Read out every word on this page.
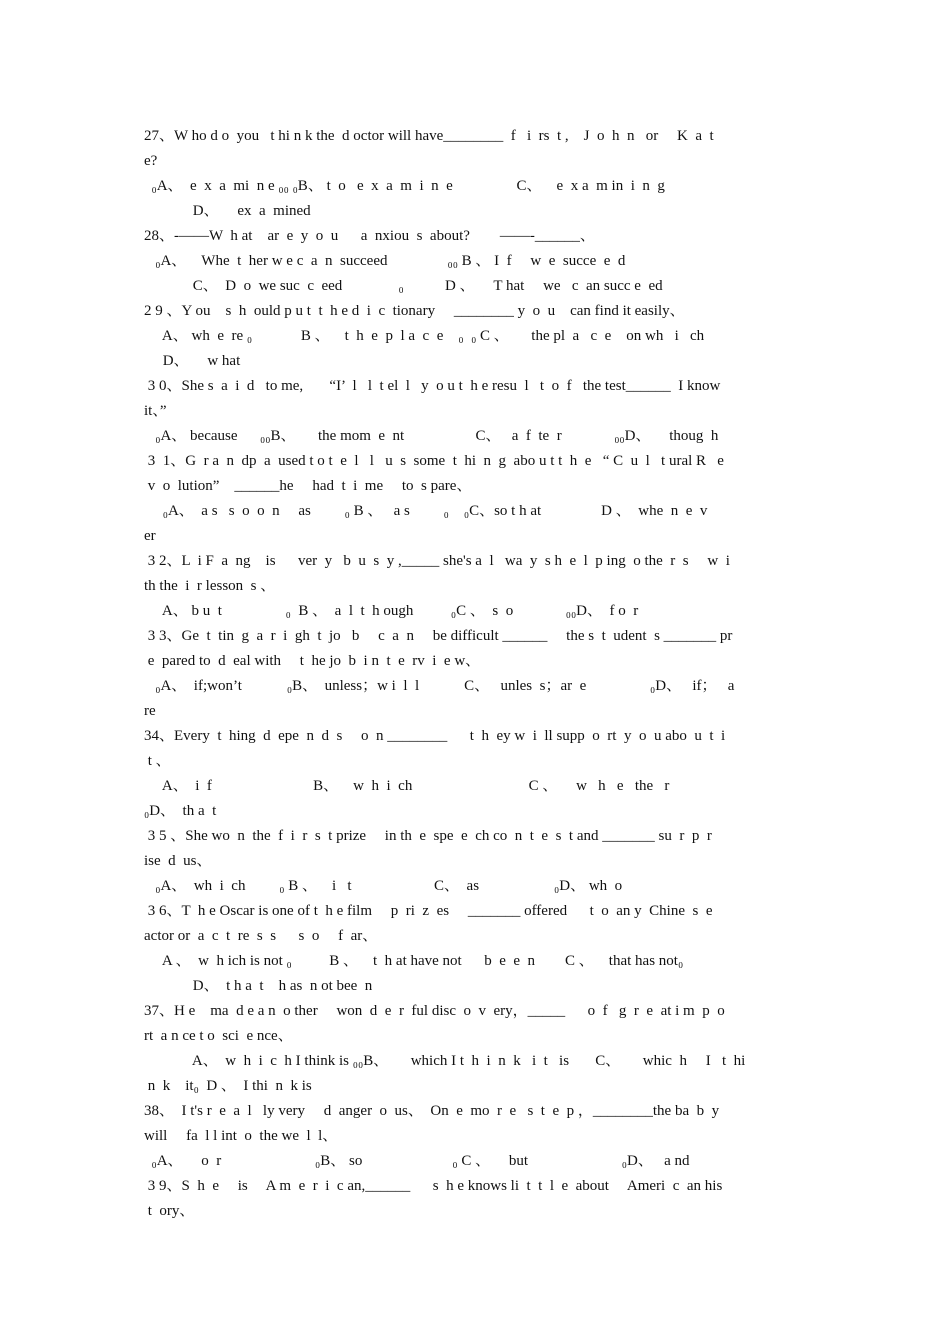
27、W ho d o  you   t hi n k the  d octor will have________  f   i  rs  t ,    J  o  h  n   or     K  a  t
e?
₀A、  e  x  a  mi  n e ₀₀ ₀B、 t  o   e  x  a  m  i  n  e                 C、    e  x a  m in  i  n  g
D、     ex  a  mined
28、-——W  h at    ar  e  y  o  u      a  nxiou  s  about?        ——-______、
₀A、    Whe  t  her w e c  a  n  succeed                ₀₀ B 、 I  f     w  e  succe  e  d
C、  D  o  we suc  c  eed               ₀           D 、     T hat     we   c  an succ e  ed
2 9 、Y ou    s  h  ould p u t  t  h e d  i  c  tionary     ________ y  o  u    can find it easily、
A、 wh  e  re ₀             B 、    t  h  e  p  l a  c  e    ₀  ₀ C 、      the pl  a   c  e    on wh   i   ch
D、     w hat
3 0、She s  a  i  d   to me,       “I’  l   l  t el  l   y  o u t  h e resu  l   t  o  f   the test______  I know
it、”
₀A、 because      ₀₀B、      the mom  e  nt                   C、   a  f  te  r              ₀₀D、     thoug  h
3  1、G  r a  n  dp  a  used t o t  e  l   l   u  s  some  t  hi  n  g  abo u t t  h  e   “ C  u  l   t ural R   e
v  o  lution”    ______he     had  t  i  me     to  s pare、
₀A、  a s   s  o  o  n     as         ₀ B 、   a s         ₀    ₀C、so t h at                D 、  whe  n  e  v
er
3 2、L  i F  a  ng    is      ver  y   b  u  s  y ,_____ she's a  l   wa  y  s h  e  l  p ing  o the  r  s     w  i
th the  i  r lesson  s 、
A、 b u  t                 ₀  B 、  a  l  t  h ough          ₀C 、  s  o              ₀₀D、  f o  r
3 3、Ge  t  tin  g  a  r  i  gh  t  jo   b     c  a  n     be difficult ______     the s  t  udent  s _______ pr
e  pared to  d  eal with     t  he jo  b  i n  t  e  rv  i  e w、
₀A、  if;won’t            ₀B、  unless；w i  l  l            C、   unles  s；ar  e                 ₀D、   if；   a
re
34、Every  t  hing  d  epe  n  d  s     o  n ________      t  h  ey w  i  ll supp  o  rt  y  o  u abo  u  t  i
t 、
A、  i  f                           B、    w  h  i  ch                               C 、     w   h   e   the   r
₀D、  th a  t
3 5 、She wo  n  the  f  i  r  s  t prize     in th  e  spe  e  ch co  n  t  e  s  t and _______ su  r  p  r
ise  d  us、
₀A、  wh  i  ch         ₀ B 、    i   t                      C、  as                    ₀D、 wh  o
3 6、T  h e Oscar is one of t  h e film     p  ri  z  es     _______ offered      t  o  an y  Chine  s  e
actor or  a  c  t  re  s  s      s  o     f  ar、
A 、  w  h ich is not ₀          B 、    t  h at have not      b  e  e  n        C 、    that has not₀
D、  t h a  t    h as  n ot bee  n
37、H e    ma  d e a n  o ther     won  d  e  r  ful disc  o  v  ery，_____      o  f   g  r  e  at i m  p  o
rt  a n ce t o  sci  e nce、
A、  w  h  i  c  h I think is ₀₀B、      which I t  h  i  n  k   i  t   is       C、      whic  h     I   t  hi
n  k    it₀  D 、  I thi  n  k is
38、  I t's r  e  a  l   ly very     d  anger  o  us、  On  e  mo  r  e   s  t  e  p ，________the ba  b  y
will     fa  l l int  o  the we  l  l、
₀A、     o  r                         ₀B、 so                        ₀ C 、     but                         ₀D、   a nd
3 9、S  h  e     is     A m  e  r  i  c an,______      s  h e knows li  t  t  l  e  about     Ameri  c  an his
t  ory、
